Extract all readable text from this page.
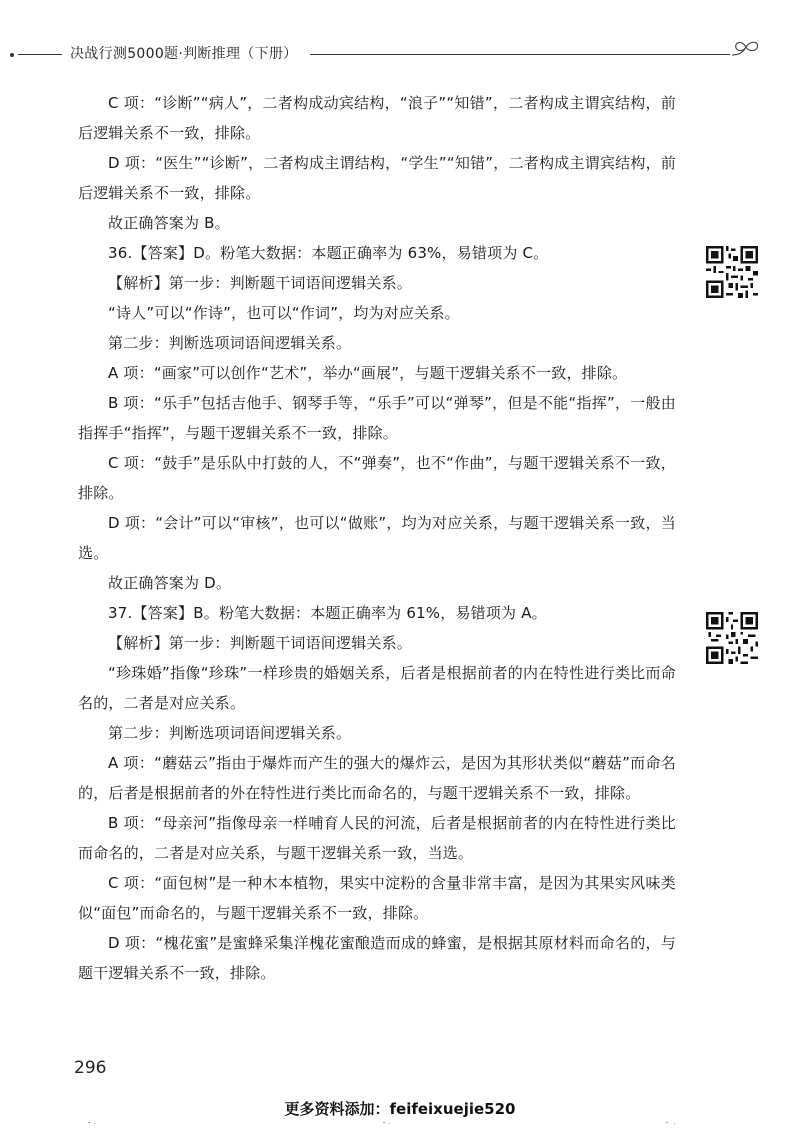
决战行测5000题·判断推理（下册）

C 项：“诊断”“病人”，二者构成动宾结构，“浪子”“知错”，二者构成主谓宾结构，前后逻辑关系不一致，排除。

D 项：“医生”“诊断”，二者构成主谓结构，“学生”“知错”，二者构成主谓宾结构，前后逻辑关系不一致，排除。

故正确答案为 B。

36.【答案】D。粉笔大数据：本题正确率为 63%，易错项为 C。

【解析】第一步：判断题干词语间逻辑关系。

“诗人”可以“作诗”，也可以“作词”，均为对应关系。

第二步：判断选项词语间逻辑关系。

A 项：“画家”可以创作“艺术”，举办“画展”，与题干逻辑关系不一致，排除。

B 项：“乐手”包括吉他手、钢琴手等，“乐手”可以“弹琴”，但是不能“指挥”，一般由指挥手“指挥”，与题干逻辑关系不一致，排除。

C 项：“鼓手”是乐队中打鼓的人，不“弹奏”，也不“作曲”，与题干逻辑关系不一致，排除。

D 项：“会计”可以“审核”，也可以“做账”，均为对应关系，与题干逻辑关系一致，当选。

故正确答案为 D。

37.【答案】B。粉笔大数据：本题正确率为 61%，易错项为 A。

【解析】第一步：判断题干词语间逻辑关系。

“珍珠婚”指像“珍珠”一样珍贵的婚姻关系，后者是根据前者的内在特性进行类比而命名的，二者是对应关系。

第二步：判断选项词语间逻辑关系。

A 项：“蘑菇云”指由于爆炸而产生的强大的爆炸云，是因为其形状类似“蘑菇”而命名的，后者是根据前者的外在特性进行类比而命名的，与题干逻辑关系不一致，排除。

B 项：“母亲河”指像母亲一样哺育人民的河流，后者是根据前者的内在特性进行类比而命名的，二者是对应关系，与题干逻辑关系一致，当选。

C 项：“面包树”是一种木本植物，果实中淀粉的含量非常丰富，是因为其果实风味类似“面包”而命名的，与题干逻辑关系不一致，排除。

D 项：“槐花蜜”是蜜蜂采集洋槐花蜜酿造而成的蜂蜜，是根据其原材料而命名的，与题干逻辑关系不一致，排除。

296
更多资料添加：feifeixuejie520
